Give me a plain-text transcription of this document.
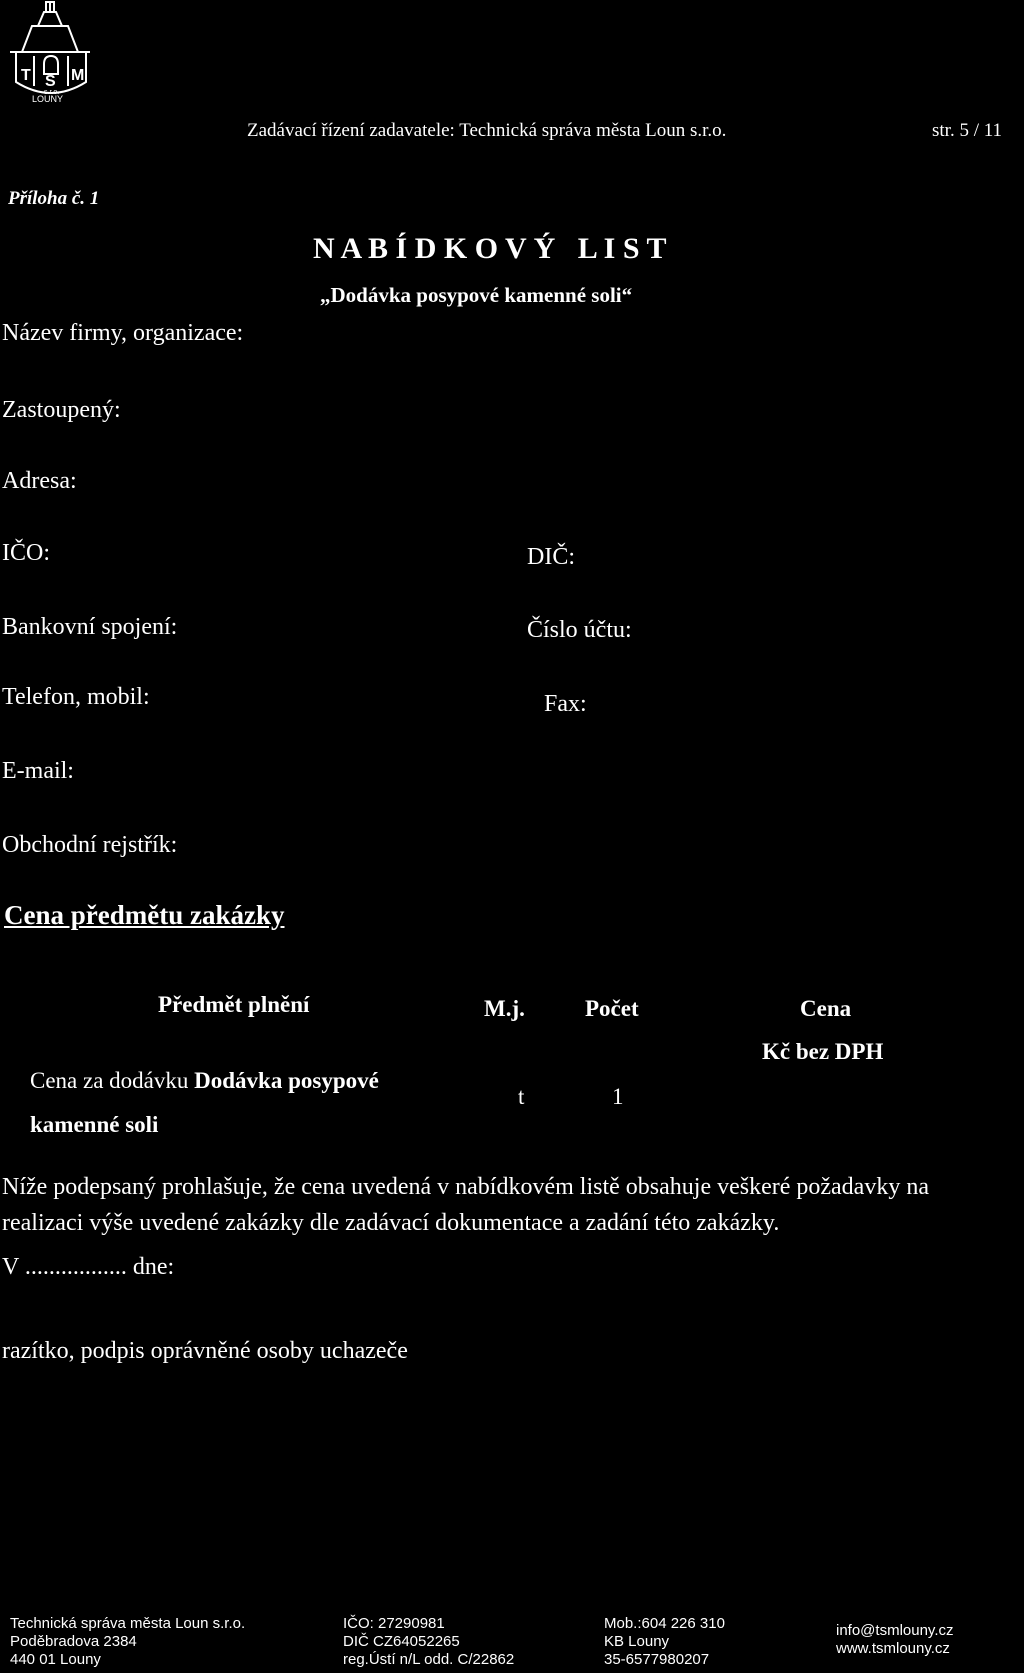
T S M
s.r.o.
LOUNY
Zadávací řízení zadavatele: Technická správa města Loun s.r.o.	str. 5 / 11
Příloha č. 1
N A B Í D K O V Ý   L I S T
„Dodávka posypové kamenné soli“
Název firmy, organizace:
Zastoupený:
Adresa:
IČO:	DIČ:
Bankovní spojení:	Číslo účtu:
Telefon, mobil:	Fax:
E-mail:
Obchodní rejstřík:
Cena předmětu zakázky
Předmět plnění	M.j.	Počet	Cena
Kč bez DPH
Cena za dodávku Dodávka posypové
kamenné soli
t	1
Níže podepsaný prohlašuje, že cena uvedená v nabídkovém listě obsahuje veškeré požadavky na
realizaci výše uvedené zakázky dle zadávací dokumentace a zadání této zakázky.
V ................. dne:
razítko, podpis oprávněné osoby uchazeče
Technická správa města Loun s.r.o.
Poděbradova 2384
440 01 Louny
IČO: 27290981
DIČ CZ64052265
reg.Ústí n/L odd. C/22862
Mob.:604 226 310
KB Louny
35-6577980207
info@tsmlouny.cz
www.tsmlouny.cz
